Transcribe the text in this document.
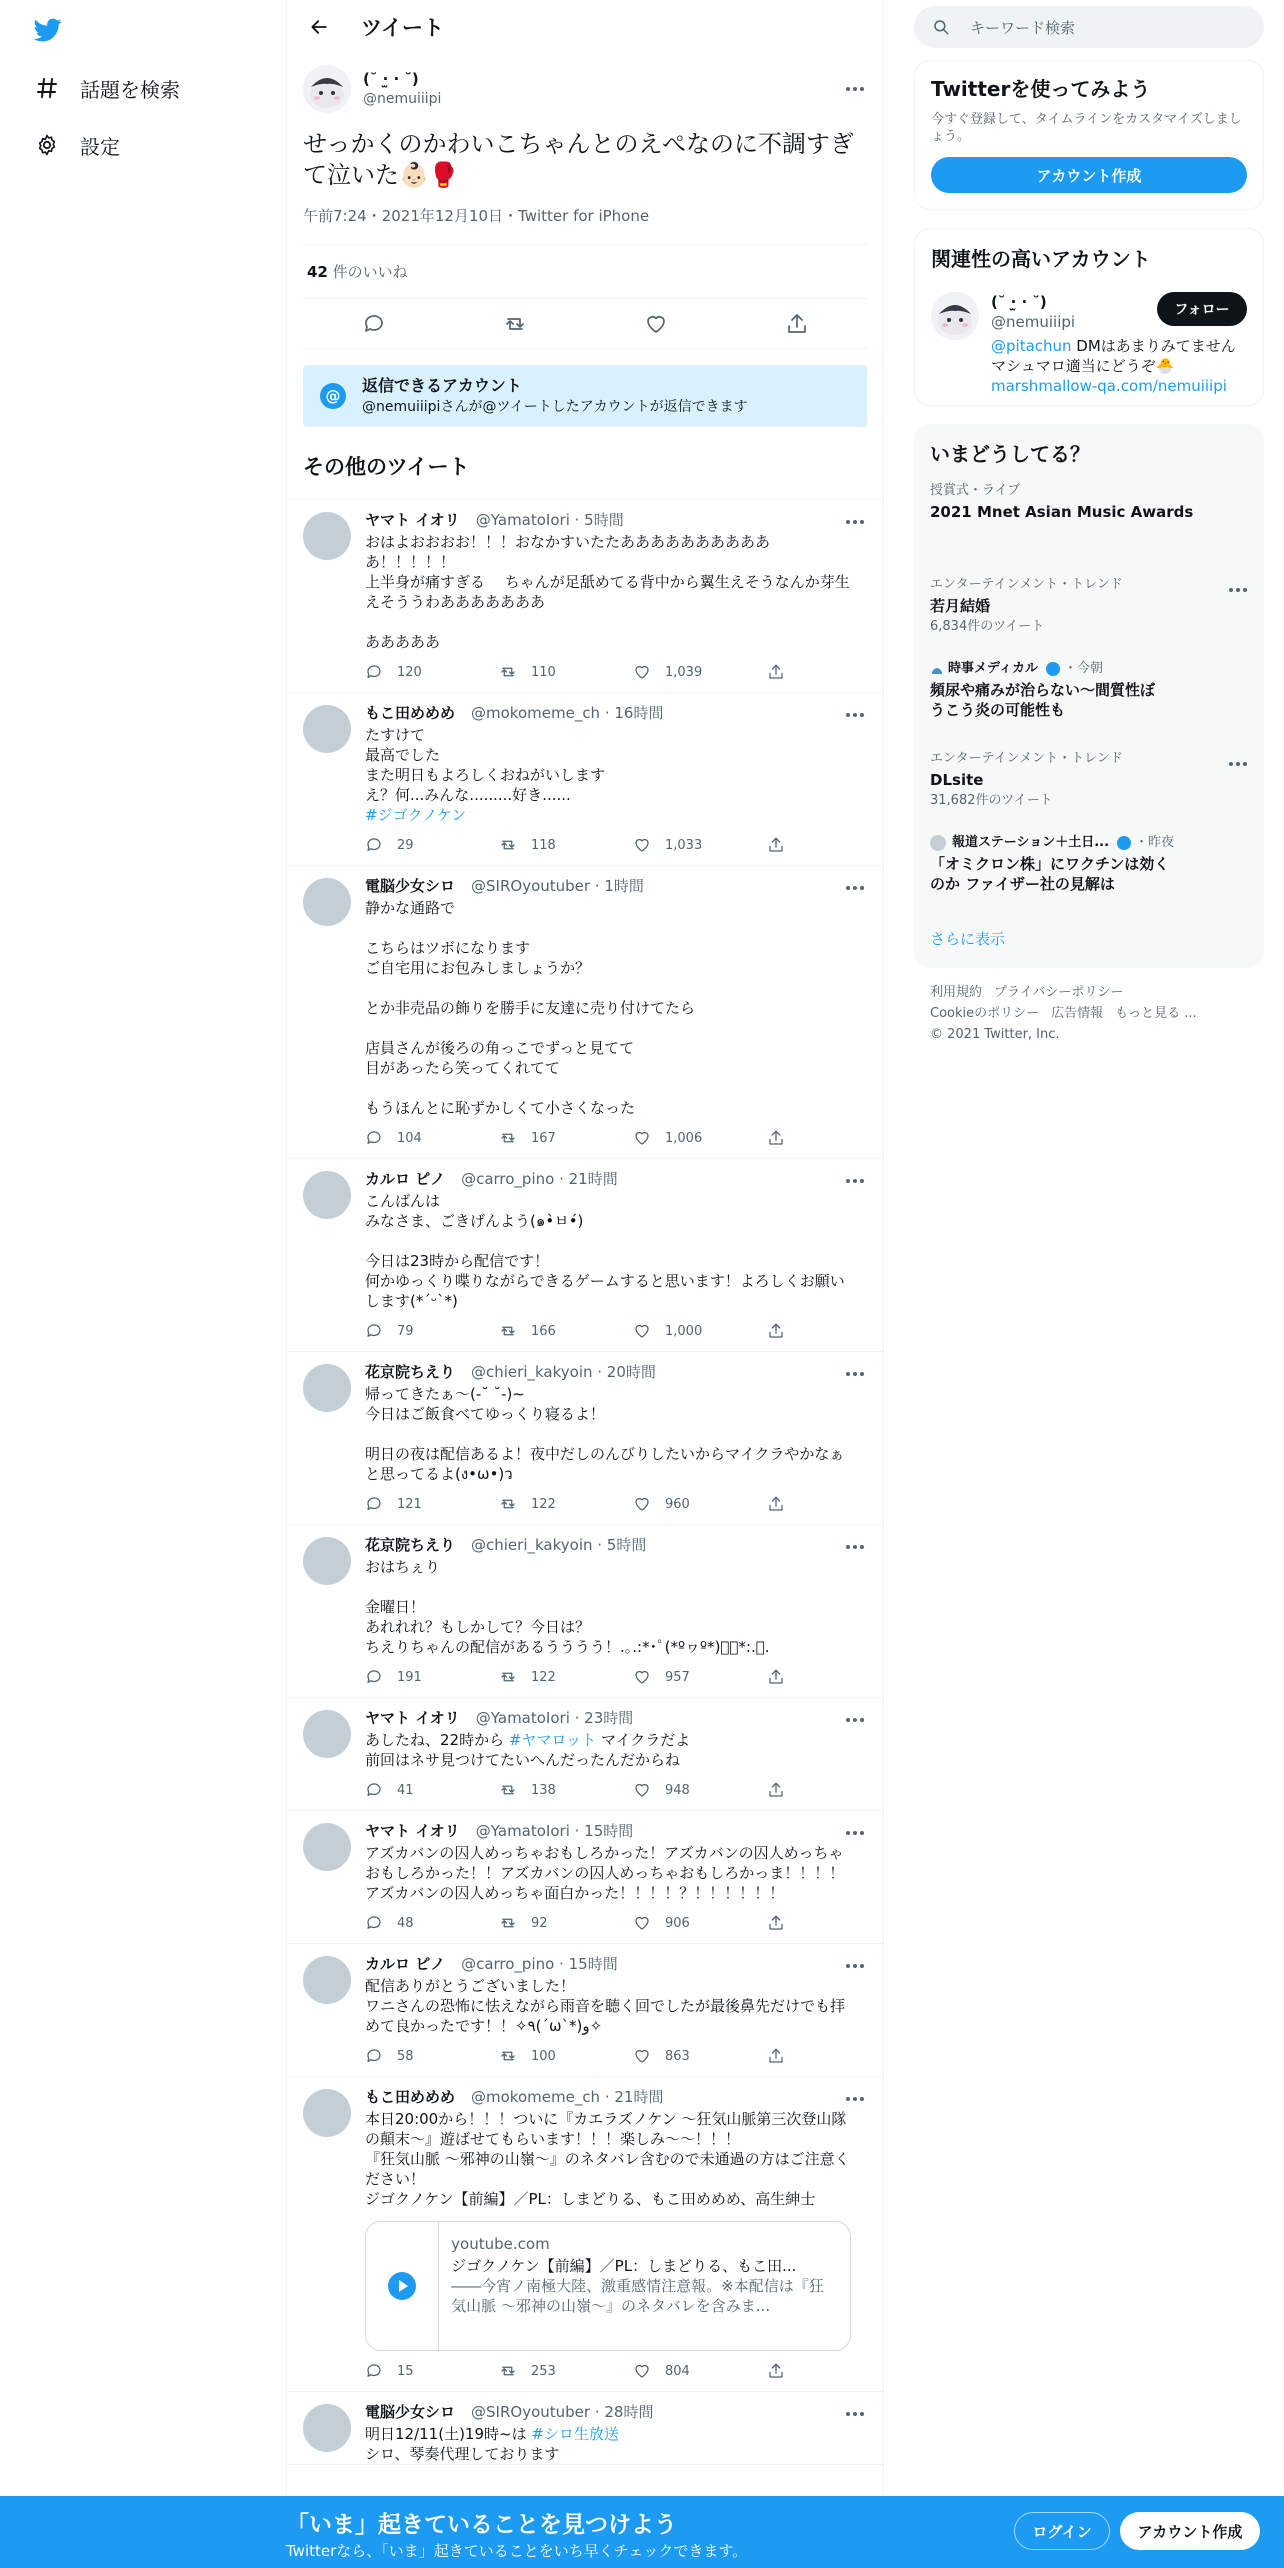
話題を検索
設定
ツイート
(˘ ·̫ · ˘)
@nemuiiipi
せっかくのかわいこちゃんとのえぺなのに不調すぎて泣いた👶🏻🥊
午前7:24・2021年12月10日・Twitter for iPhone
42 件のいいね
@
返信できるアカウント
@nemuiiipiさんが@ツイートしたアカウントが返信できます
その他のツイート
ヤマト イオリ @YamatoIori · 5時間
おはよおおおお！！！おなかすいたたあああああああああああ！！！！！
上半身が痛すぎる　 ちゃんが足舐めてる背中から翼生えそうなんか芽生えそううわあああああああ

あああああ
120	110	1,039
もこ田めめめ @mokomeme_ch · 16時間
たすけて
最高でした
また明日もよろしくおねがいします
え？何...みんな.........好き......
#ジゴクノケン
29	118	1,033
電脳少女シロ @SIROyoutuber · 1時間
静かな通路で

こちらはツボになります
ご自宅用にお包みしましょうか？

とか非売品の飾りを勝手に友達に売り付けてたら

店員さんが後ろの角っこでずっと見てて
目があったら笑ってくれてて

もうほんとに恥ずかしくて小さくなった
104	167	1,006
カルロ ピノ @carro_pino · 21時間
こんばんは
みなさま、ごきげんよう(๑•̀ㅂ•́)

今日は23時から配信です！
何かゆっくり喋りながらできるゲームすると思います！よろしくお願いします(*ˊᵕˋ*)
79	166	1,000
花京院ちえり @chieri_kakyoin · 20時間
帰ってきたぁ〜(-˘ ˘-)~
今日はご飯食べてゆっくり寝るよ！

明日の夜は配信あるよ！夜中だしのんびりしたいからマイクラやかなぁと思ってるよ(ง•ω•)ว
121	122	960
花京院ちえり @chieri_kakyoin · 5時間
おはちぇり

金曜日！
あれれれ？もしかして？今日は？
ちえりちゃんの配信があるうううう！.｡.:*･ﾟ(*ºヮº*)ﾟ･*:.｡.
191	122	957
ヤマト イオリ @YamatoIori · 23時間
あしたね、22時から #ヤマロット マイクラだよ
前回はネサ見つけてたいへんだったんだからね
41	138	948
ヤマト イオリ @YamatoIori · 15時間
アズカバンの囚人めっちゃおもしろかった！アズカバンの囚人めっちゃおもしろかった！！アズカバンの囚人めっちゃおもしろかっま！！！！アズカバンの囚人めっちゃ面白かった！！！！？！！！！！！
48	92	906
カルロ ピノ @carro_pino · 15時間
配信ありがとうございました！
ワニさんの恐怖に怯えながら雨音を聴く回でしたが最後鼻先だけでも拝めて良かったです！！✧٩(ˊωˋ*)و✧
58	100	863
もこ田めめめ @mokomeme_ch · 21時間
本日20:00から！！！ついに『カエラズノケン ～狂気山脈第三次登山隊の顛末～』遊ばせてもらいます！！！楽しみ～～！！！
『狂気山脈 ～邪神の山嶺～』のネタバレ含むので未通過の方はご注意ください！
ジゴクノケン【前編】／PL：しまどりる、もこ田めめめ、高生紳士
youtube.com
ジゴクノケン【前編】／PL：しまどりる、もこ田...
――今宵ノ南極大陸、激重感情注意報。※本配信は『狂気山脈 ～邪神の山嶺～』のネタバレを含みま...
15	253	804
電脳少女シロ @SIROyoutuber · 28時間
明日12/11(土)19時~は #シロ生放送
シロ、琴奏代理しております
キーワード検索
Twitterを使ってみよう
今すぐ登録して、タイムラインをカスタマイズしましょう。
アカウント作成
関連性の高いアカウント
(˘ ·̫ · ˘)
@nemuiiipi
フォロー
@pitachun DMはあまりみてません マシュマロ適当にどうぞ🐣
marshmallow-qa.com/nemuiiipi
いまどうしてる？
授賞式・ライブ
2021 Mnet Asian Music Awards
エンターテインメント・トレンド
若月結婚
6,834件のツイート
時事メディカル ・今朝
頻尿や痛みが治らない～間質性ぼうこう炎の可能性も
エンターテインメント・トレンド
DLsite
31,682件のツイート
報道ステーション＋土日... ・昨夜
「オミクロン株」にワクチンは効くのか ファイザー社の見解は
さらに表示
利用規約 プライバシーポリシー
Cookieのポリシー 広告情報 もっと見る ...
© 2021 Twitter, Inc.
「いま」起きていることを見つけよう
Twitterなら、「いま」起きていることをいち早くチェックできます。
ログイン	アカウント作成
